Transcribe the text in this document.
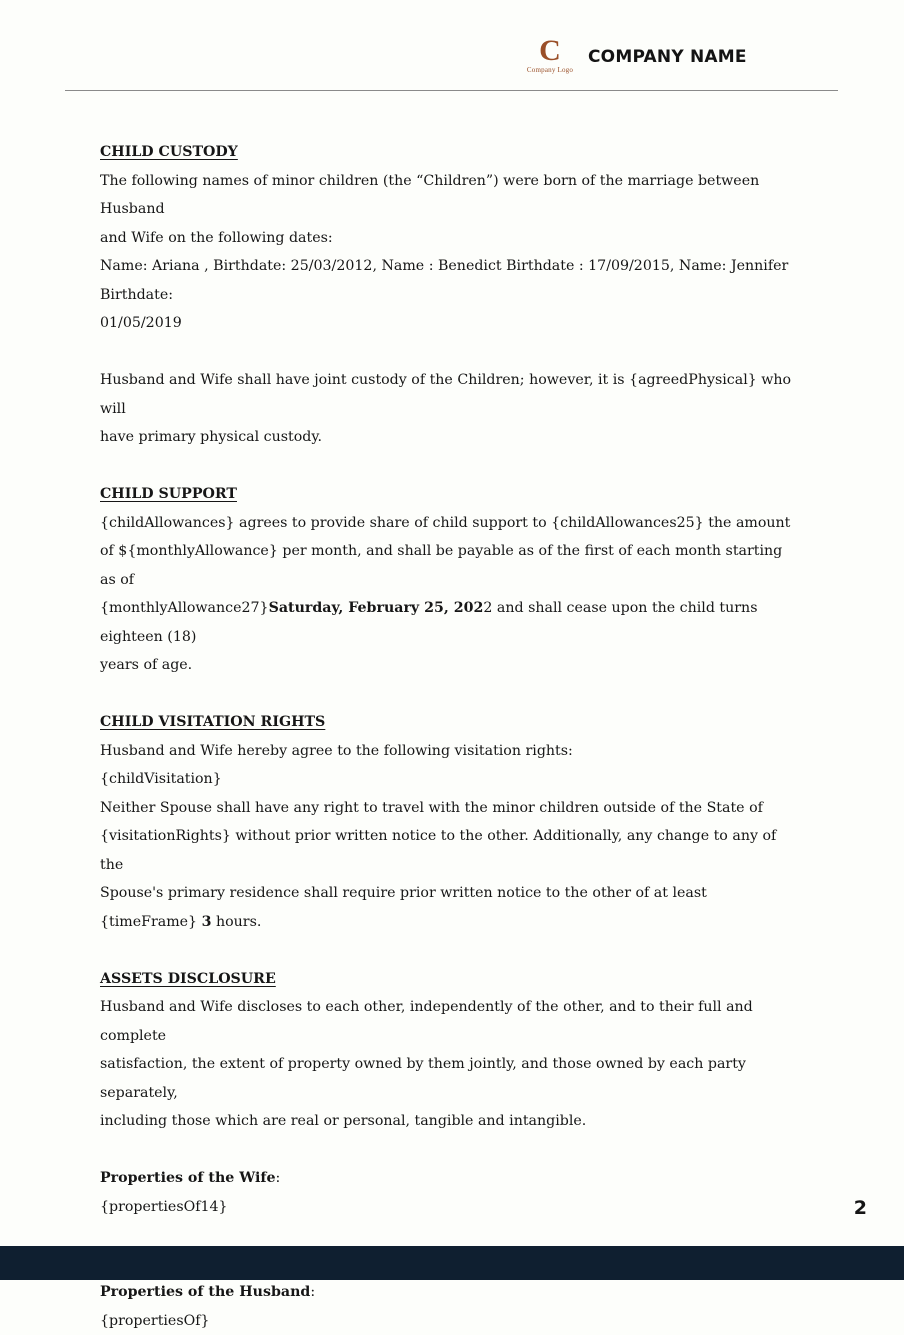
C
Company Logo
COMPANY NAME

CHILD CUSTODY

The following names of minor children (the “Children”) were born of the marriage between Husband

and Wife on the following dates:

Name: Ariana , Birthdate: 25/03/2012, Name : Benedict Birthdate : 17/09/2015, Name: Jennifer Birthdate:

01/05/2019

Husband and Wife shall have joint custody of the Children; however, it is {agreedPhysical} who will

have primary physical custody.

CHILD SUPPORT

{childAllowances} agrees to provide share of child support to {childAllowances25} the amount

of ${monthlyAllowance} per month, and shall be payable as of the first of each month starting as of

{monthlyAllowance27}Saturday, February 25, 2022 and shall cease upon the child turns eighteen (18)

years of age.

CHILD VISITATION RIGHTS

Husband and Wife hereby agree to the following visitation rights:

{childVisitation}

Neither Spouse shall have any right to travel with the minor children outside of the State of

{visitationRights} without prior written notice to the other. Additionally, any change to any of the

Spouse's primary residence shall require prior written notice to the other of at least {timeFrame} 3 hours.

ASSETS DISCLOSURE

Husband and Wife discloses to each other, independently of the other, and to their full and complete

satisfaction, the extent of property owned by them jointly, and those owned by each party separately,

including those which are real or personal, tangible and intangible.

Properties of the Wife:

{propertiesOf14}

Properties of the Husband:

{propertiesOf}

2
